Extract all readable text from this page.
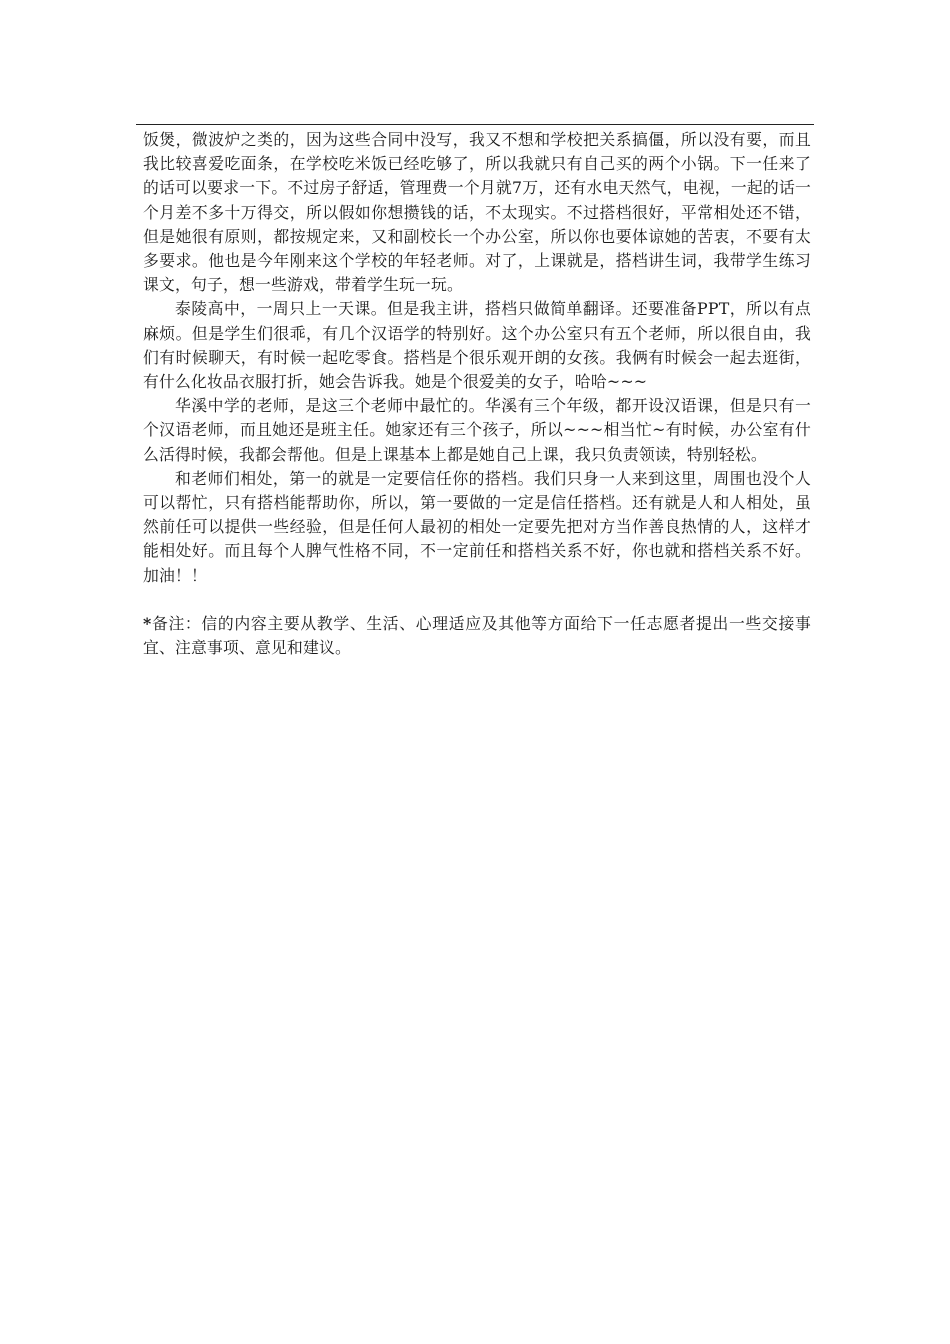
饭煲，微波炉之类的，因为这些合同中没写，我又不想和学校把关系搞僵，所以没有要，而且我比较喜爱吃面条，在学校吃米饭已经吃够了，所以我就只有自己买的两个小锅。下一任来了的话可以要求一下。不过房子舒适，管理费一个月就7万，还有水电天然气，电视，一起的话一个月差不多十万得交，所以假如你想攒钱的话，不太现实。不过搭档很好，平常相处还不错，但是她很有原则，都按规定来，又和副校长一个办公室，所以你也要体谅她的苦衷，不要有太多要求。他也是今年刚来这个学校的年轻老师。对了，上课就是，搭档讲生词，我带学生练习课文，句子，想一些游戏，带着学生玩一玩。

泰陵高中，一周只上一天课。但是我主讲，搭档只做简单翻译。还要准备PPT，所以有点麻烦。但是学生们很乖，有几个汉语学的特别好。这个办公室只有五个老师，所以很自由，我们有时候聊天，有时候一起吃零食。搭档是个很乐观开朗的女孩。我俩有时候会一起去逛街，有什么化妆品衣服打折，她会告诉我。她是个很爱美的女子，哈哈~~~

华溪中学的老师，是这三个老师中最忙的。华溪有三个年级，都开设汉语课，但是只有一个汉语老师，而且她还是班主任。她家还有三个孩子，所以~~~相当忙~有时候，办公室有什么活得时候，我都会帮他。但是上课基本上都是她自己上课，我只负责领读，特别轻松。

和老师们相处，第一的就是一定要信任你的搭档。我们只身一人来到这里，周围也没个人可以帮忙，只有搭档能帮助你，所以，第一要做的一定是信任搭档。还有就是人和人相处，虽然前任可以提供一些经验，但是任何人最初的相处一定要先把对方当作善良热情的人，这样才能相处好。而且每个人脾气性格不同，不一定前任和搭档关系不好，你也就和搭档关系不好。加油！！

*备注：信的内容主要从教学、生活、心理适应及其他等方面给下一任志愿者提出一些交接事宜、注意事项、意见和建议。
